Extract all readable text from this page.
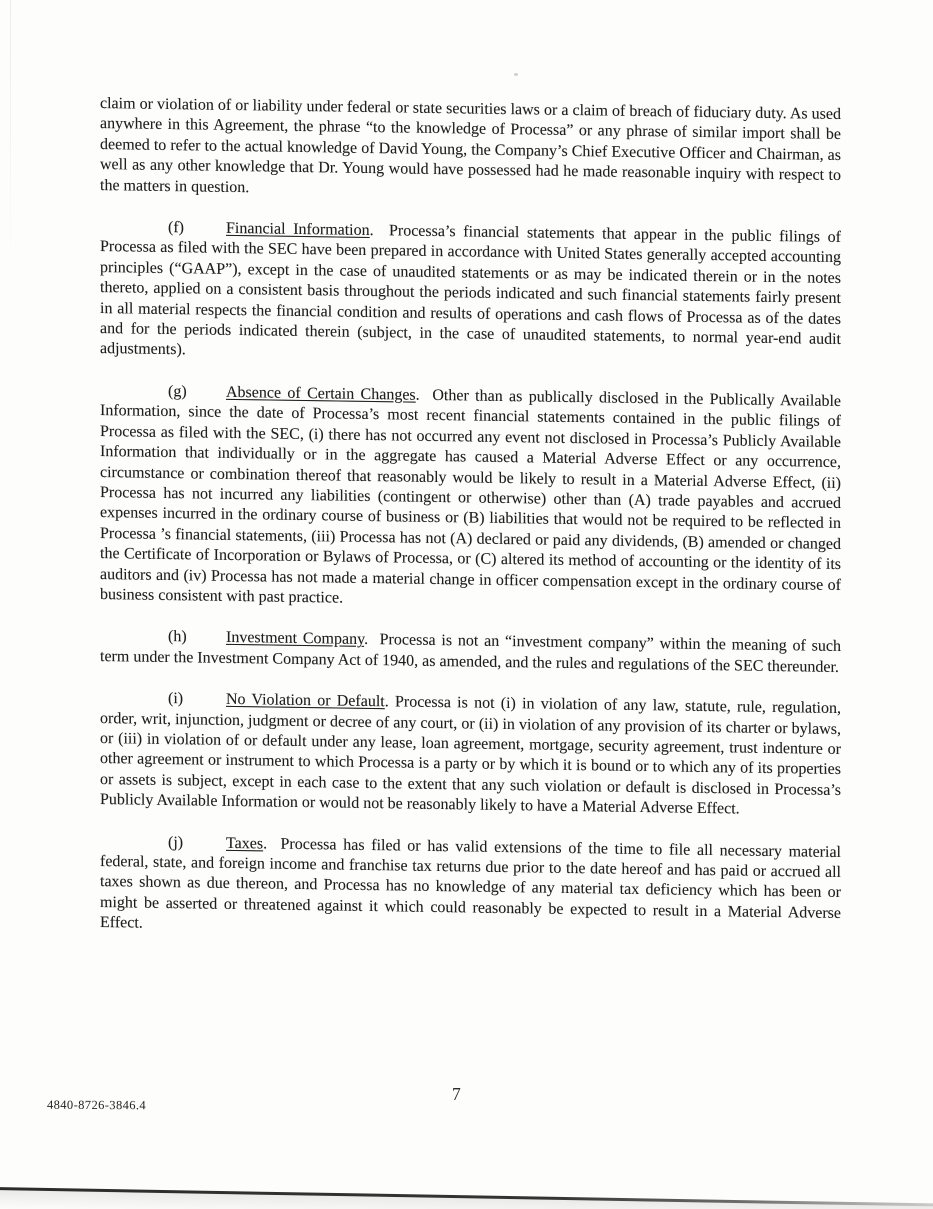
claim or violation of or liability under federal or state securities laws or a claim of breach of fiduciary duty. As used anywhere in this Agreement, the phrase “to the knowledge of Processa” or any phrase of similar import shall be deemed to refer to the actual knowledge of David Young, the Company’s Chief Executive Officer and Chairman, as well as any other knowledge that Dr. Young would have possessed had he made reasonable inquiry with respect to the matters in question.

(f)	Financial Information.  Processa’s financial statements that appear in the public filings of Processa as filed with the SEC have been prepared in accordance with United States generally accepted accounting principles (“GAAP”), except in the case of unaudited statements or as may be indicated therein or in the notes thereto, applied on a consistent basis throughout the periods indicated and such financial statements fairly present in all material respects the financial condition and results of operations and cash flows of Processa as of the dates and for the periods indicated therein (subject, in the case of unaudited statements, to normal year-end audit adjustments).

(g) Absence of Certain Changes.  Other than as publically disclosed in the Publically Available Information, since the date of Processa’s most recent financial statements contained in the public filings of Processa as filed with the SEC, (i) there has not occurred any event not disclosed in Processa’s Publicly Available Information that individually or in the aggregate has caused a Material Adverse Effect or any occurrence, circumstance or combination thereof that reasonably would be likely to result in a Material Adverse Effect, (ii) Processa has not incurred any liabilities (contingent or otherwise) other than (A) trade payables and accrued expenses incurred in the ordinary course of business or (B) liabilities that would not be required to be reflected in Processa ’s financial statements, (iii) Processa has not (A) declared or paid any dividends, (B) amended or changed the Certificate of Incorporation or Bylaws of Processa, or (C) altered its method of accounting or the identity of its auditors and (iv) Processa has not made a material change in officer compensation except in the ordinary course of business consistent with past practice.

(h) Investment Company.  Processa is not an “investment company” within the meaning of such term under the Investment Company Act of 1940, as amended, and the rules and regulations of the SEC thereunder.

(i)	No Violation or Default. Processa is not (i) in violation of any law, statute, rule, regulation, order, writ, injunction, judgment or decree of any court, or (ii) in violation of any provision of its charter or bylaws, or (iii) in violation of or default under any lease, loan agreement, mortgage, security agreement, trust indenture or other agreement or instrument to which Processa is a party or by which it is bound or to which any of its properties or assets is subject, except in each case to the extent that any such violation or default is disclosed in Processa’s Publicly Available Information or would not be reasonably likely to have a Material Adverse Effect.

(j)	Taxes.  Processa has filed or has valid extensions of the time to file all necessary material federal, state, and foreign income and franchise tax returns due prior to the date hereof and has paid or accrued all taxes shown as due thereon, and Processa has no knowledge of any material tax deficiency which has been or might be asserted or threatened against it which could reasonably be expected to result in a Material Adverse Effect.

4840-8726-3846.4
7
